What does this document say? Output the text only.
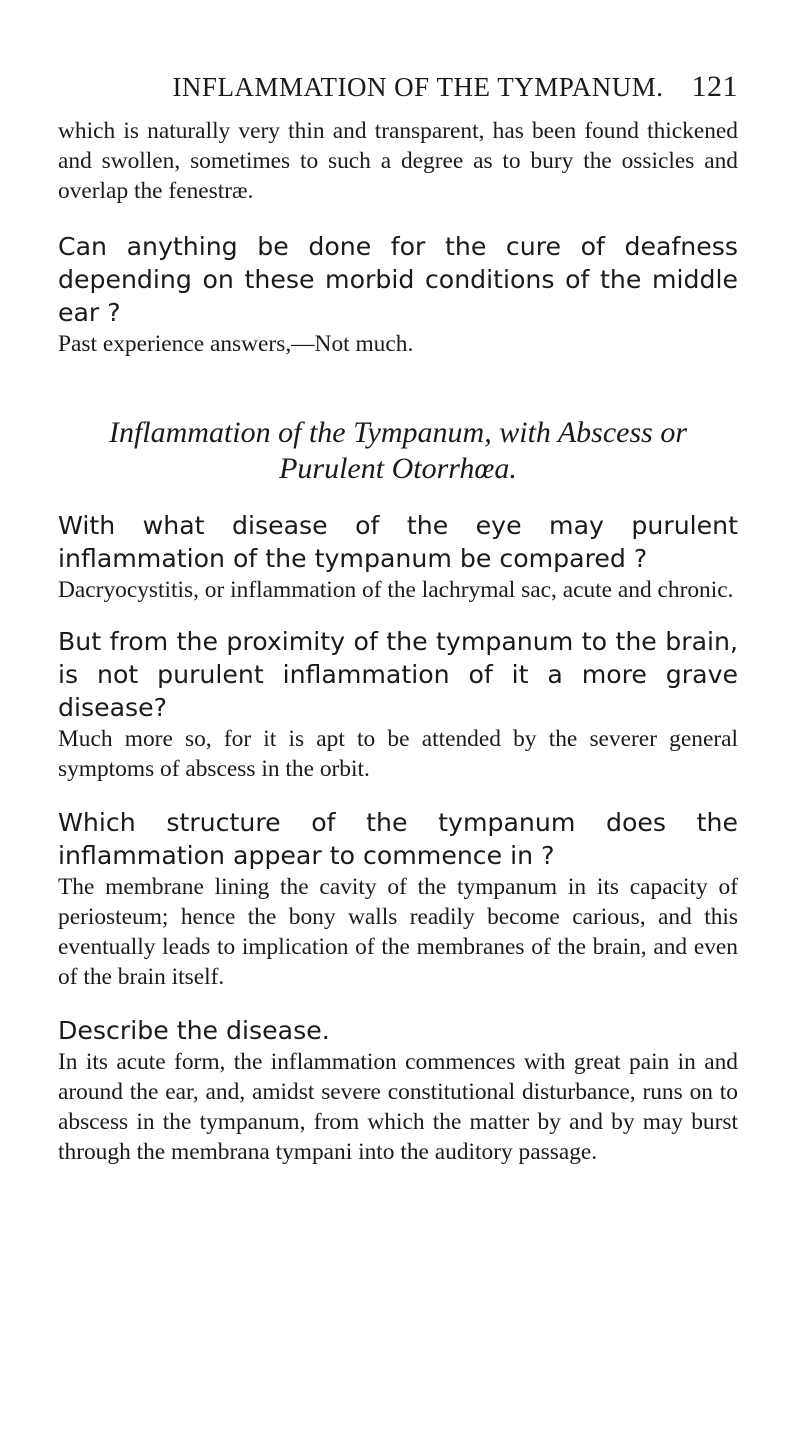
INFLAMMATION OF THE TYMPANUM. 121

which is naturally very thin and transparent, has been found thickened and swollen, sometimes to such a degree as to bury the ossicles and overlap the fenestræ.

Can anything be done for the cure of deafness depending on these morbid conditions of the middle ear ?

Past experience answers,—Not much.

Inflammation of the Tympanum, with Abscess or Purulent Otorrhœa.

With what disease of the eye may purulent inflammation of the tympanum be compared ?

Dacryocystitis, or inflammation of the lachrymal sac, acute and chronic.

But from the proximity of the tympanum to the brain, is not purulent inflammation of it a more grave disease?

Much more so, for it is apt to be attended by the severer general symptoms of abscess in the orbit.

Which structure of the tympanum does the inflammation appear to commence in ?

The membrane lining the cavity of the tympanum in its capacity of periosteum; hence the bony walls readily become carious, and this eventually leads to implication of the membranes of the brain, and even of the brain itself.

Describe the disease.

In its acute form, the inflammation commences with great pain in and around the ear, and, amidst severe constitutional disturbance, runs on to abscess in the tympanum, from which the matter by and by may burst through the membrana tympani into the auditory passage.
